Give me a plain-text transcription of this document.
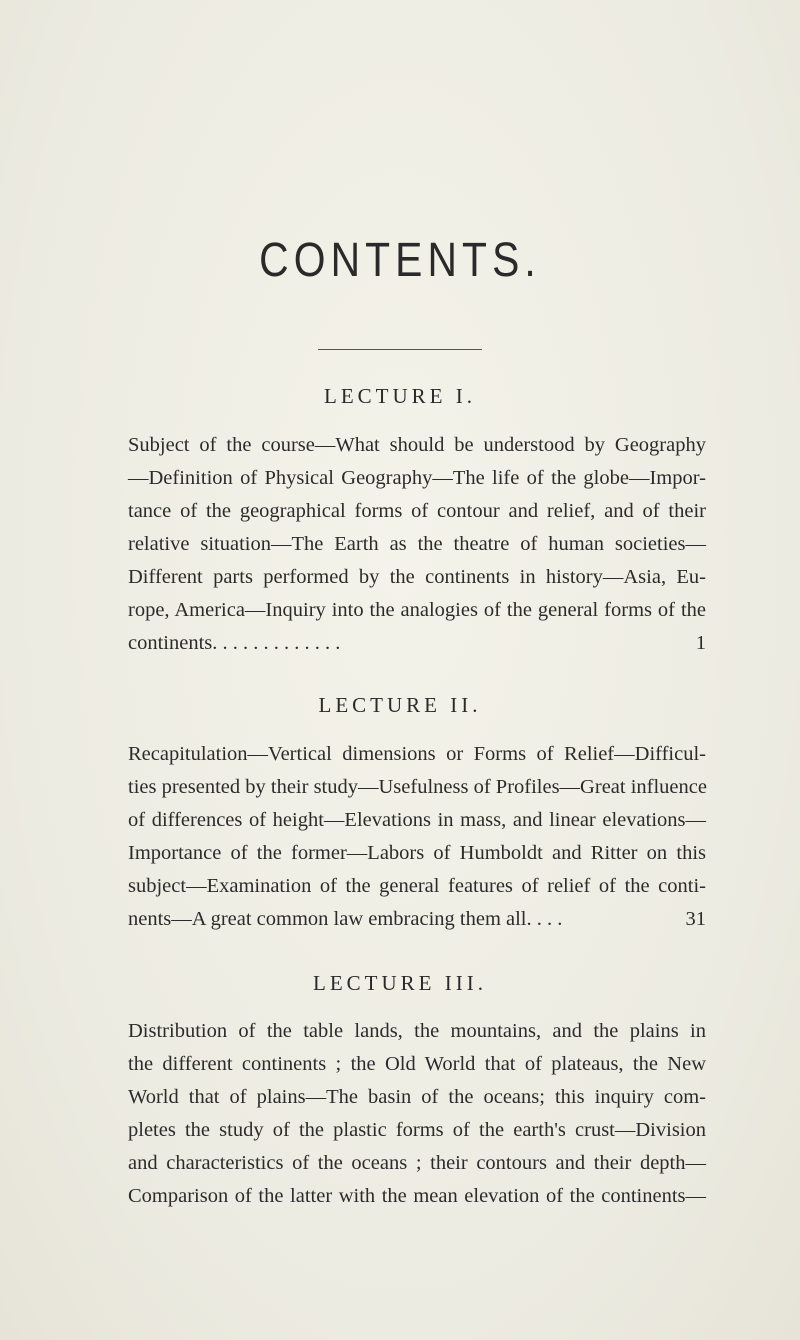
CONTENTS.
LECTURE I.
Subject of the course—What should be understood by Geography
—Definition of Physical Geography—The life of the globe—Impor-
tance of the geographical forms of contour and relief, and of their
relative situation—The Earth as the theatre of human societies—
Different parts performed by the continents in history—Asia, Eu-
rope, America—Inquiry into the analogies of the general forms of the
continents. . . . . . . . . . . . .	1
LECTURE II.
Recapitulation—Vertical dimensions or Forms of Relief—Difficul-
ties presented by their study—Usefulness of Profiles—Great influence
of differences of height—Elevations in mass, and linear elevations—
Importance of the former—Labors of Humboldt and Ritter on this
subject—Examination of the general features of relief of the conti-
nents—A great common law embracing them all. . . .	31
LECTURE III.
Distribution of the table lands, the mountains, and the plains in
the different continents ; the Old World that of plateaus, the New
World that of plains—The basin of the oceans; this inquiry com-
pletes the study of the plastic forms of the earth's crust—Division
and characteristics of the oceans ; their contours and their depth—
Comparison of the latter with the mean elevation of the continents—
